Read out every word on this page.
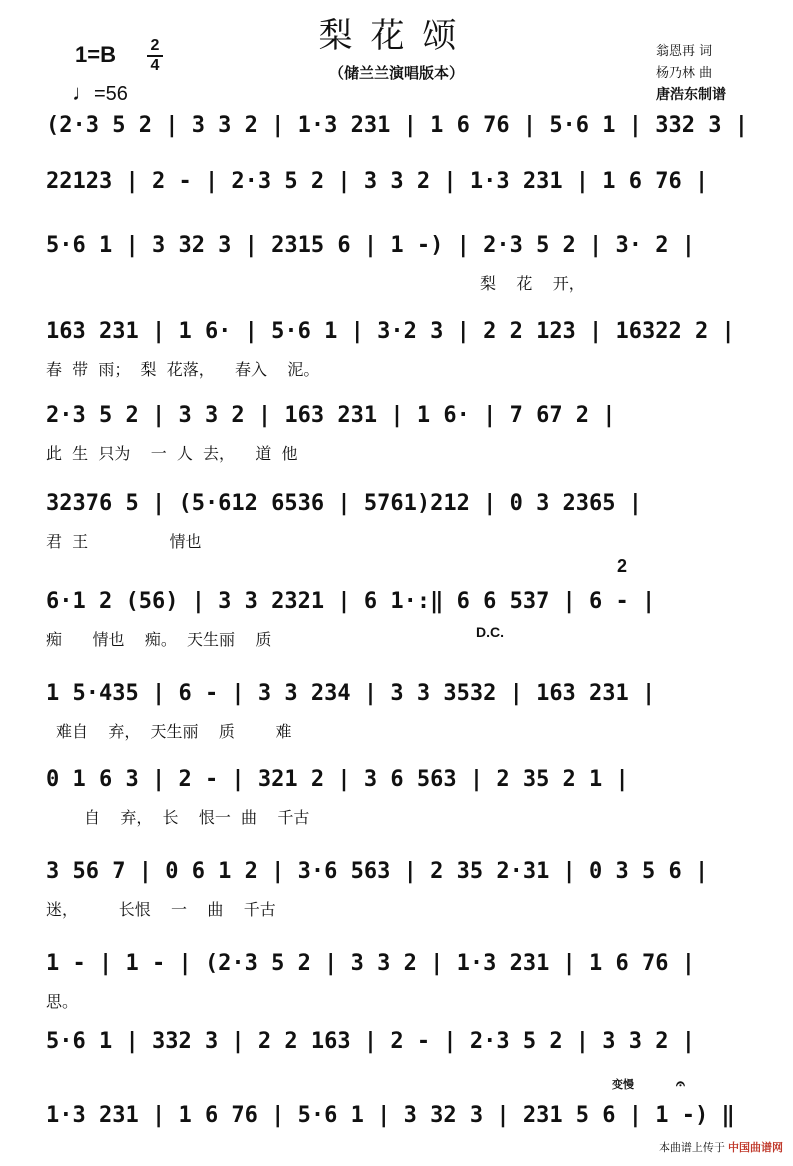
梨花颂
（储兰兰演唱版本）
1=B 2
4
♩=56
翁恩再 词
杨乃林 曲
唐浩东制谱
(2·3 5 2 | 3 3 2 | 1·3 231 | 1 6 76 | 5·6 1 | 332 3 |
22123 | 2 - | 2·3 5 2 | 3 3 2 | 1·3 231 | 1 6 76 |
5·6 1 | 3 32 3 | 2315 6 | 1 -) | 2·3 5 2 | 3· 2 |
梨    花    开，
163 231 | 1 6· | 5·6 1 | 3·2 3 | 2 2 123 | 16322 2 |
春  带  雨；  梨  花落，    春入    泥。
2·3 5 2 | 3 3 2 | 163 231 | 1 6· | 7 67 2 |
此  生  只为    一  人  去，    道  他
32376 5 | (5·612 6536 | 5761)212 | 0 3 2365 |
君  王                情也
2
6·1 2 (56) | 3 3 2321 | 6 1·:‖ 6 6 537 | 6 - |
D.C.
痴      情也    痴。  天生丽    质
1 5·435 | 6 - | 3 3 234 | 3 3 3532 | 163 231 |
难自    弃，  天生丽    质        难
0 1 6 3 | 2 - | 321 2 | 3 6 563 | 2 35 2 1 |
自    弃，  长    恨一  曲    千古
3 56 7 | 0 6 1 2 | 3·6 563 | 2 35 2·31 | 0 3 5 6 |
迷，        长恨    一    曲    千古
1 - | 1 - | (2·3 5 2 | 3 3 2 | 1·3 231 | 1 6 76 |
思。
5·6 1 | 332 3 | 2 2 163 | 2 - | 2·3 5 2 | 3 3 2 |
变慢	𝄐
1·3 231 | 1 6 76 | 5·6 1 | 3 32 3 | 231 5 6 | 1 -) ‖
本曲谱上传于 中国曲谱网
